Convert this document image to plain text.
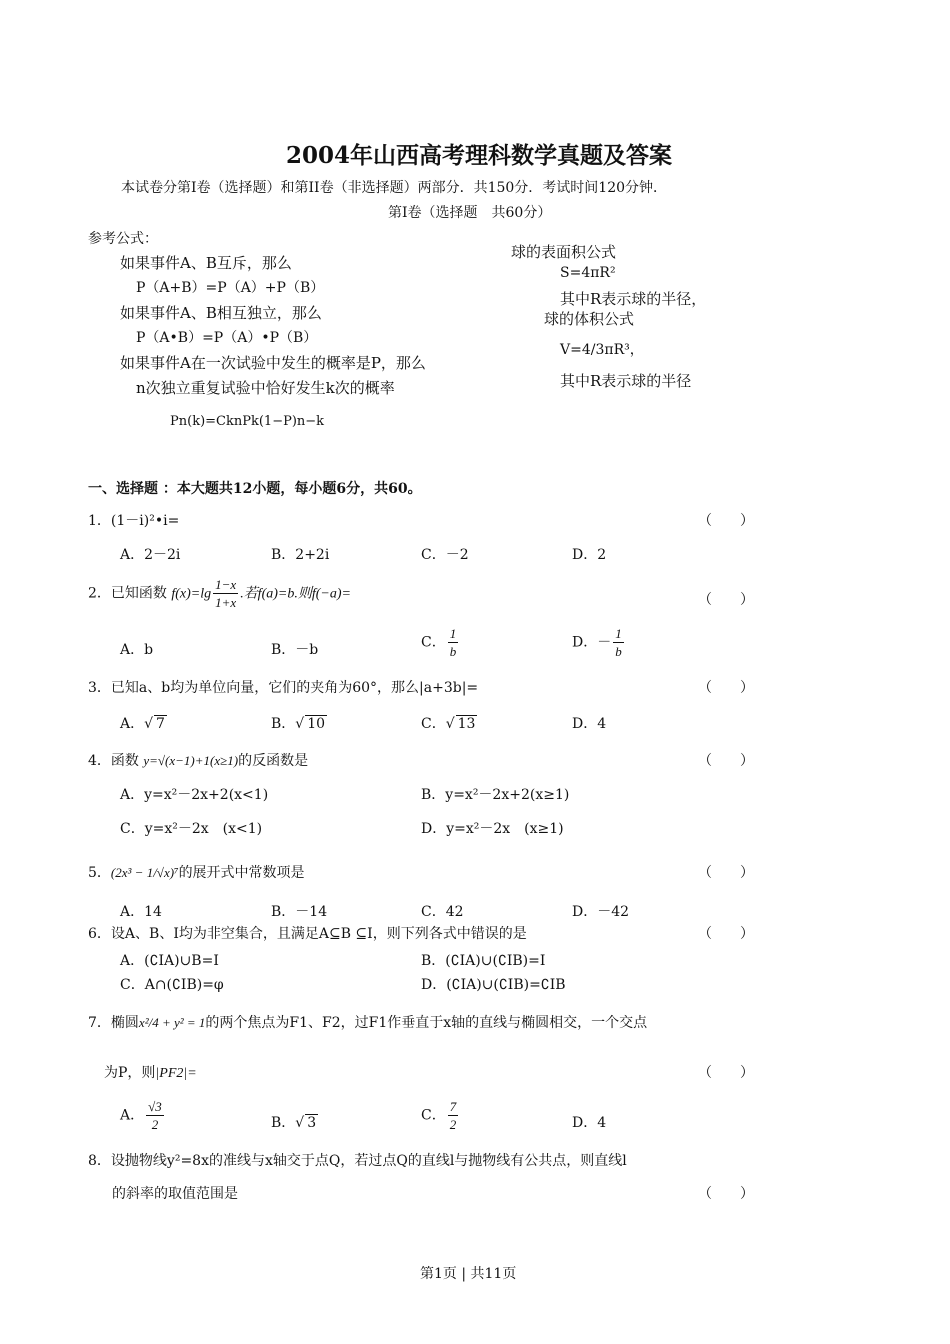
2004年山西高考理科数学真题及答案
本试卷分第I卷（选择题）和第II卷（非选择题）两部分．共150分．考试时间120分钟．
第I卷（选择题　共60分）
参考公式：
如果事件A、B互斥，那么
P（A+B）=P（A）+P（B）
如果事件A、B相互独立，那么
P（A•B）=P（A）•P（B）
如果事件A在一次试验中发生的概率是P，那么
n次独立重复试验中恰好发生k次的概率
Pn(k)=CknPk(1−P)n−k
球的表面积公式
S=4πR²
其中R表示球的半径，
球的体积公式
V=4/3πR³，
其中R表示球的半径
一、选择题 ：本大题共12小题，每小题6分，共60。
1．(1－i)²•i=	（　　）
A．2－2i	B．2+2i	C．－2	D．2
2．已知函数 $f(x)=\lg \frac{1-x}{1+x}$ .若f(a)=b.则f(−a)=	（　　）
A．b	B．－b	C． $\frac{1}{b}$	D．－ $\frac{1}{b}$
3．已知a、b均为单位向量，它们的夹角为60°，那么|a+3b|=	（　　）
A．√ 7	B．√ 10	C．√ 13	D．4
4．函数 y=√(x−1)+1(x≥1)的反函数是	（　　）
A．y=x²－2x+2(x<1)	B．y=x²－2x+2(x≥1)
C．y=x²－2x　(x<1)	D．y=x²－2x　(x≥1)
5．(2x³ − 1/√x)⁷的展开式中常数项是	（　　）
A．14	B．－14	C．42	D．－42
6．设A、B、I均为非空集合，且满足A⊆B ⊆I，则下列各式中错误的是	（　　）
A．(∁IA)∪B=I	B．(∁IA)∪(∁IB)=I
C．A∩(∁IB)=φ	D．(∁IA)∪(∁IB)=∁IB
7．椭圆x²/4 + y² = 1的两个焦点为F1、F2，过F1作垂直于x轴的直线与椭圆相交，一个交点
为P，则|PF2|=	（　　）
A． $\frac{√3}{2}$	B．√ 3	C． $\frac{7}{2}$	D．4
8．设抛物线y²=8x的准线与x轴交于点Q，若过点Q的直线l与抛物线有公共点，则直线l
的斜率的取值范围是	（　　）
第1页 | 共11页
